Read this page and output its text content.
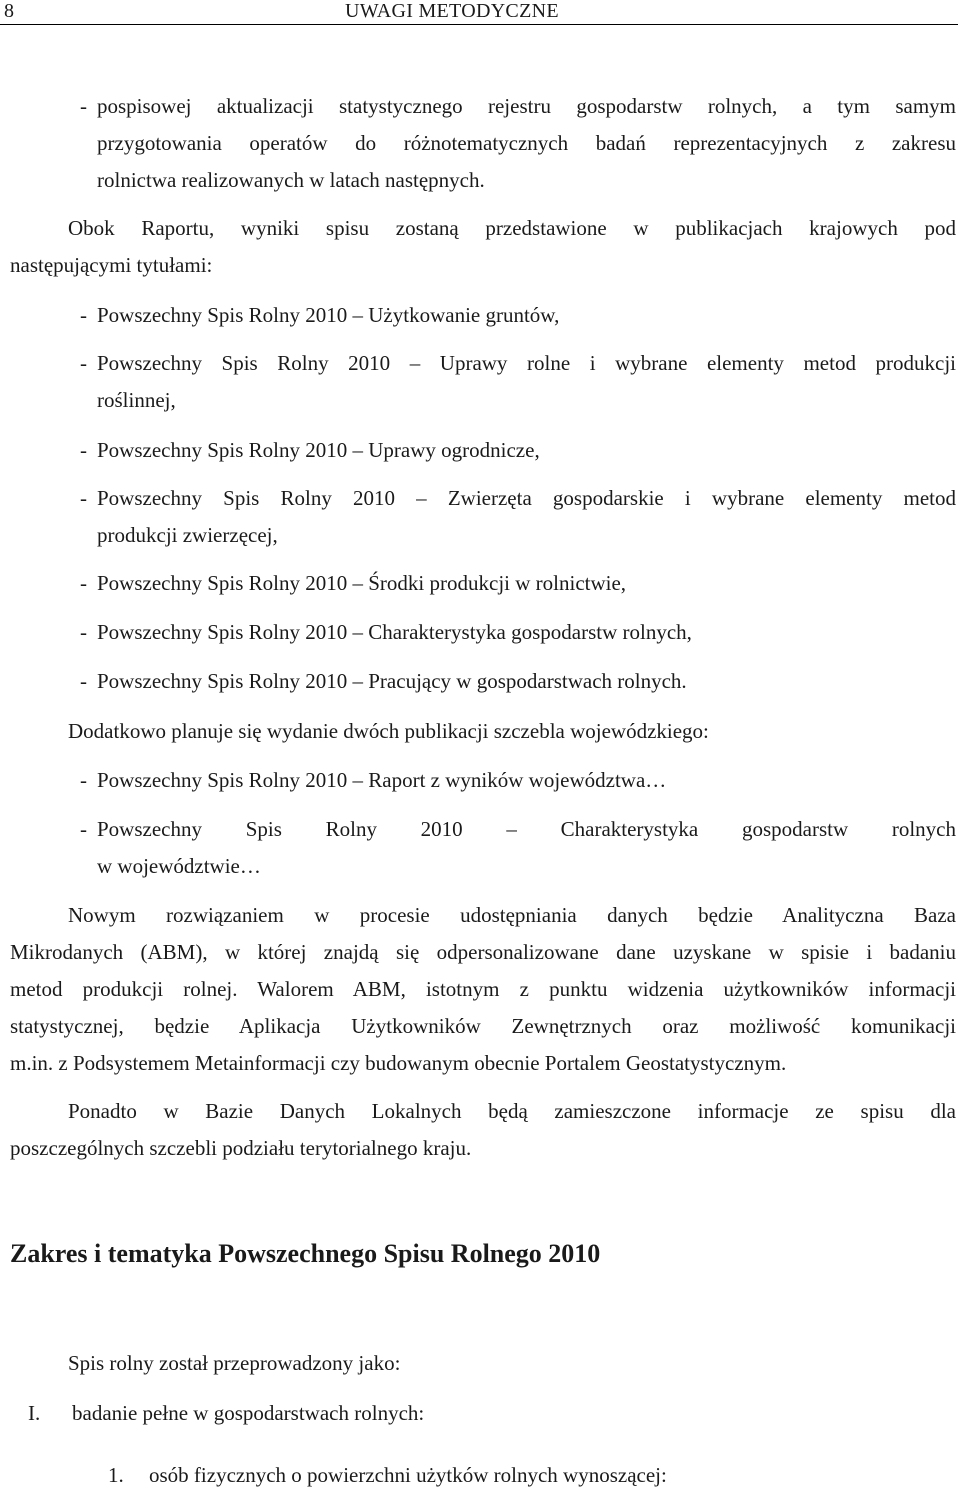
8	UWAGI METODYCZNE
- pospisowej aktualizacji statystycznego rejestru gospodarstw rolnych, a tym samym
przygotowania operatów do różnotematycznych badań reprezentacyjnych z zakresu
rolnictwa realizowanych w latach następnych.
Obok Raportu, wyniki spisu zostaną przedstawione w publikacjach krajowych pod
następującymi tytułami:
- Powszechny Spis Rolny 2010 – Użytkowanie gruntów,
- Powszechny Spis Rolny 2010 – Uprawy rolne i wybrane elementy metod produkcji
roślinnej,
- Powszechny Spis Rolny 2010 – Uprawy ogrodnicze,
- Powszechny Spis Rolny 2010 – Zwierzęta gospodarskie i wybrane elementy metod
produkcji zwierzęcej,
- Powszechny Spis Rolny 2010 – Środki produkcji w rolnictwie,
- Powszechny Spis Rolny 2010 – Charakterystyka gospodarstw rolnych,
- Powszechny Spis Rolny 2010 – Pracujący w gospodarstwach rolnych.
Dodatkowo planuje się wydanie dwóch publikacji szczebla wojewódzkiego:
- Powszechny Spis Rolny 2010 – Raport z wyników województwa…
- Powszechny Spis Rolny 2010 – Charakterystyka gospodarstw rolnych
w województwie…
Nowym rozwiązaniem w procesie udostępniania danych będzie Analityczna Baza
Mikrodanych (ABM), w której znajdą się odpersonalizowane dane uzyskane w spisie i badaniu
metod produkcji rolnej. Walorem ABM, istotnym z punktu widzenia użytkowników informacji
statystycznej, będzie Aplikacja Użytkowników Zewnętrznych oraz możliwość komunikacji
m.in. z Podsystemem Metainformacji czy budowanym obecnie Portalem Geostatystycznym.
Ponadto w Bazie Danych Lokalnych będą zamieszczone informacje ze spisu dla
poszczególnych szczebli podziału terytorialnego kraju.
Zakres i tematyka Powszechnego Spisu Rolnego 2010
Spis rolny został przeprowadzony jako:
I. badanie pełne w gospodarstwach rolnych:
1. osób fizycznych o powierzchni użytków rolnych wynoszącej:
